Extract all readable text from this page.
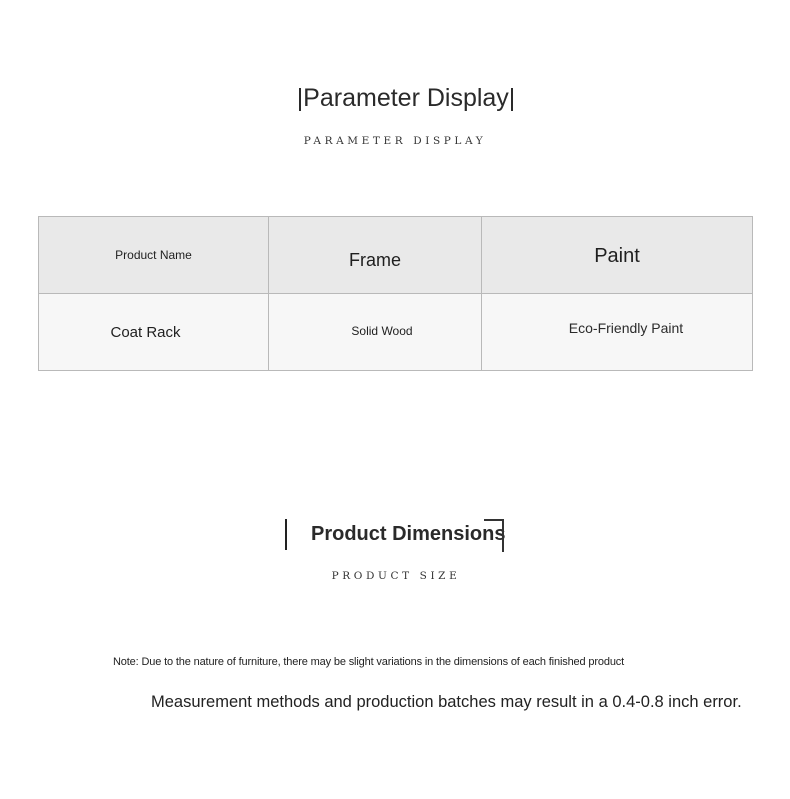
|Parameter Display|
PARAMETER DISPLAY
Product Name	Frame	Paint

Coat Rack	Solid Wood	Eco-Friendly Paint
Product Dimensions
PRODUCT SIZE
Note: Due to the nature of furniture, there may be slight variations in the dimensions of each finished product
Measurement methods and production batches may result in a 0.4-0.8 inch error.
